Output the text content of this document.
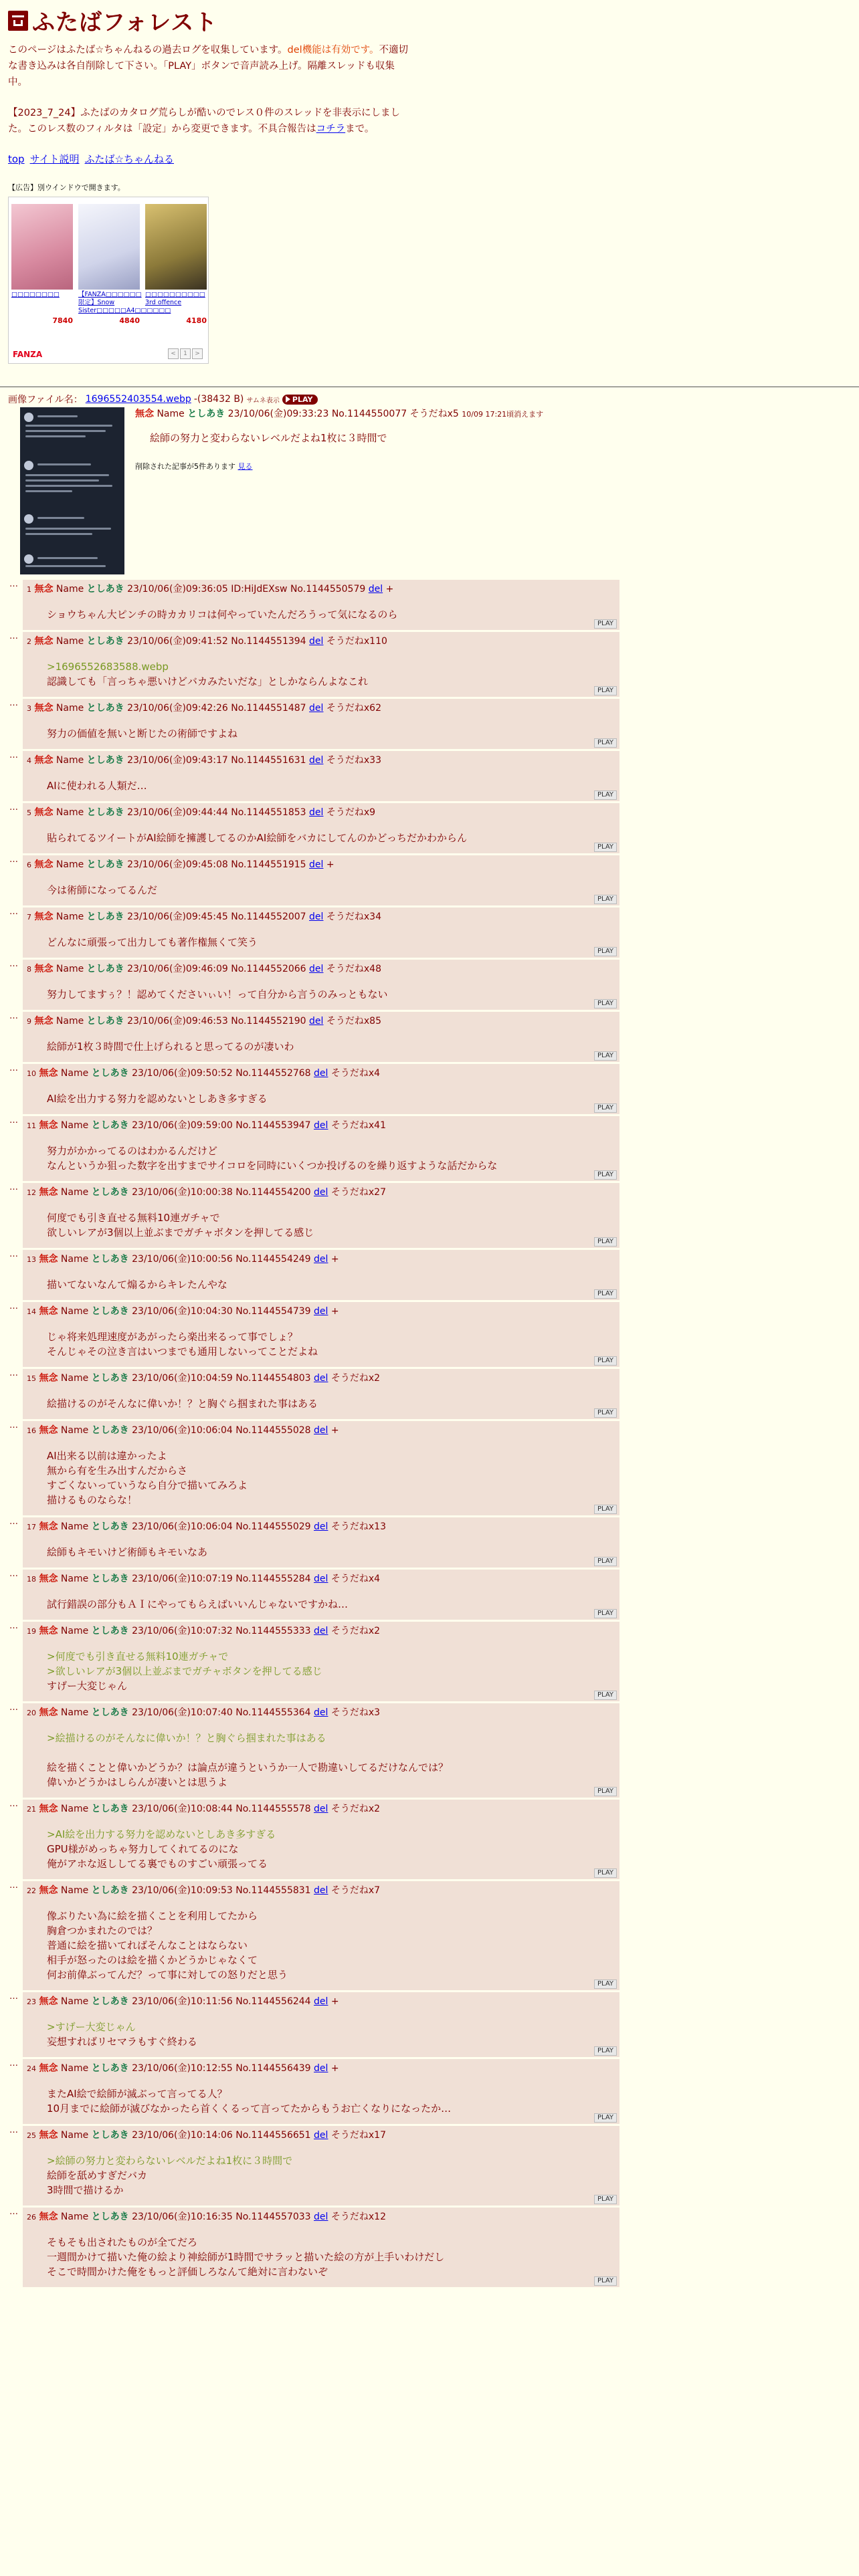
ふたばフォレスト

このページはふたば☆ちゃんねるの過去ログを収集しています。del機能は有効です。不適切な書き込みは各自削除して下さい。「PLAY」ボタンで音声読み上げ。隔離スレッドも収集中。

【2023_7_24】ふたばのカタログ荒らしが酷いのでレス０件のスレッドを非表示にしました。このレス数のフィルタは「設定」から変更できます。不具合報告はコチラまで。

top サイト説明 ふたば☆ちゃんねる
【広告】別ウインドウで開きます。
□□□□□□□□
7840
【FANZA□□□□□□限定】Snow Sister□□□□□A4□□□□□□
4840
□□□□□□□□□□ 3rd offence
4180
FANZA	<	1	>
画像ファイル名： 1696552403554.webp -(38432 B) サムネ表示 PLAY
無念 Name としあき 23/10/06(金)09:33:23 No.1144550077 そうだねx5 10/09 17:21頃消えます
絵師の努力と変わらないレベルだよね1枚に３時間で
削除された記事が5件あります 見る
…
1 無念 Name としあき 23/10/06(金)09:36:05 ID:HiJdEXsw No.1144550579 del +
ショウちゃん大ピンチの時カカリコは何やっていたんだろうって気になるのら
PLAY
…
2 無念 Name としあき 23/10/06(金)09:41:52 No.1144551394 del そうだねx110
>1696552683588.webp
認識しても「言っちゃ悪いけどバカみたいだな」としかならんよなこれ
PLAY
…
3 無念 Name としあき 23/10/06(金)09:42:26 No.1144551487 del そうだねx62
努力の価値を無いと断じたの術師ですよね
PLAY
…
4 無念 Name としあき 23/10/06(金)09:43:17 No.1144551631 del そうだねx33
AIに使われる人類だ…
PLAY
…
5 無念 Name としあき 23/10/06(金)09:44:44 No.1144551853 del そうだねx9
貼られてるツイートがAI絵師を擁護してるのかAI絵師をバカにしてんのかどっちだかわからん
PLAY
…
6 無念 Name としあき 23/10/06(金)09:45:08 No.1144551915 del +
今は術師になってるんだ
PLAY
…
7 無念 Name としあき 23/10/06(金)09:45:45 No.1144552007 del そうだねx34
どんなに頑張って出力しても著作権無くて笑う
PLAY
…
8 無念 Name としあき 23/10/06(金)09:46:09 No.1144552066 del そうだねx48
努力してますぅ？！認めてくださいぃい！って自分から言うのみっともない
PLAY
…
9 無念 Name としあき 23/10/06(金)09:46:53 No.1144552190 del そうだねx85
絵師が1枚３時間で仕上げられると思ってるのが凄いわ
PLAY
…
10 無念 Name としあき 23/10/06(金)09:50:52 No.1144552768 del そうだねx4
AI絵を出力する努力を認めないとしあき多すぎる
PLAY
…
11 無念 Name としあき 23/10/06(金)09:59:00 No.1144553947 del そうだねx41
努力がかかってるのはわかるんだけど
なんというか狙った数字を出すまでサイコロを同時にいくつか投げるのを繰り返すような話だからな
PLAY
…
12 無念 Name としあき 23/10/06(金)10:00:38 No.1144554200 del そうだねx27
何度でも引き直せる無料10連ガチャで
欲しいレアが3個以上並ぶまでガチャボタンを押してる感じ
PLAY
…
13 無念 Name としあき 23/10/06(金)10:00:56 No.1144554249 del +
描いてないなんて煽るからキレたんやな
PLAY
…
14 無念 Name としあき 23/10/06(金)10:04:30 No.1144554739 del +
じゃ将来処理速度があがったら楽出来るって事でしょ？
そんじゃその泣き言はいつまでも通用しないってことだよね
PLAY
…
15 無念 Name としあき 23/10/06(金)10:04:59 No.1144554803 del そうだねx2
絵描けるのがそんなに偉いか！？と胸ぐら掴まれた事はある
PLAY
…
16 無念 Name としあき 23/10/06(金)10:06:04 No.1144555028 del +
AI出来る以前は違かったよ
無から有を生み出すんだからさ
すごくないっていうなら自分で描いてみろよ
描けるものならな！
PLAY
…
17 無念 Name としあき 23/10/06(金)10:06:04 No.1144555029 del そうだねx13
絵師もキモいけど術師もキモいなあ
PLAY
…
18 無念 Name としあき 23/10/06(金)10:07:19 No.1144555284 del そうだねx4
試行錯誤の部分もＡＩにやってもらえばいいんじゃないですかね…
PLAY
…
19 無念 Name としあき 23/10/06(金)10:07:32 No.1144555333 del そうだねx2
>何度でも引き直せる無料10連ガチャで
>欲しいレアが3個以上並ぶまでガチャボタンを押してる感じ
すげー大変じゃん
PLAY
…
20 無念 Name としあき 23/10/06(金)10:07:40 No.1144555364 del そうだねx3
>絵描けるのがそんなに偉いか！？と胸ぐら掴まれた事はある
絵を描くことと偉いかどうか？は論点が違うというか一人で勘違いしてるだけなんでは？
偉いかどうかはしらんが凄いとは思うよ
PLAY
…
21 無念 Name としあき 23/10/06(金)10:08:44 No.1144555578 del そうだねx2
>AI絵を出力する努力を認めないとしあき多すぎる
GPU様がめっちゃ努力してくれてるのにな
俺がアホな返ししてる裏でものすごい頑張ってる
PLAY
…
22 無念 Name としあき 23/10/06(金)10:09:53 No.1144555831 del そうだねx7
像ぶりたい為に絵を描くことを利用してたから
胸倉つかまれたのでは？
普通に絵を描いてればそんなことはならない
相手が怒ったのは絵を描くかどうかじゃなくて
何お前偉ぶってんだ？って事に対しての怒りだと思う
PLAY
…
23 無念 Name としあき 23/10/06(金)10:11:56 No.1144556244 del +
>すげー大変じゃん
妄想すればリセマラもすぐ終わる
PLAY
…
24 無念 Name としあき 23/10/06(金)10:12:55 No.1144556439 del +
またAI絵で絵師が滅ぶって言ってる人？
10月までに絵師が滅びなかったら首くくるって言ってたからもうお亡くなりになったか…
PLAY
…
25 無念 Name としあき 23/10/06(金)10:14:06 No.1144556651 del そうだねx17
>絵師の努力と変わらないレベルだよね1枚に３時間で
絵師を舐めすぎだバカ
3時間で描けるか
PLAY
…
26 無念 Name としあき 23/10/06(金)10:16:35 No.1144557033 del そうだねx12
そもそも出されたものが全てだろ
一週間かけて描いた俺の絵より神絵師が1時間でサラッと描いた絵の方が上手いわけだし
そこで時間かけた俺をもっと評価しろなんて絶対に言わないぞ
PLAY
